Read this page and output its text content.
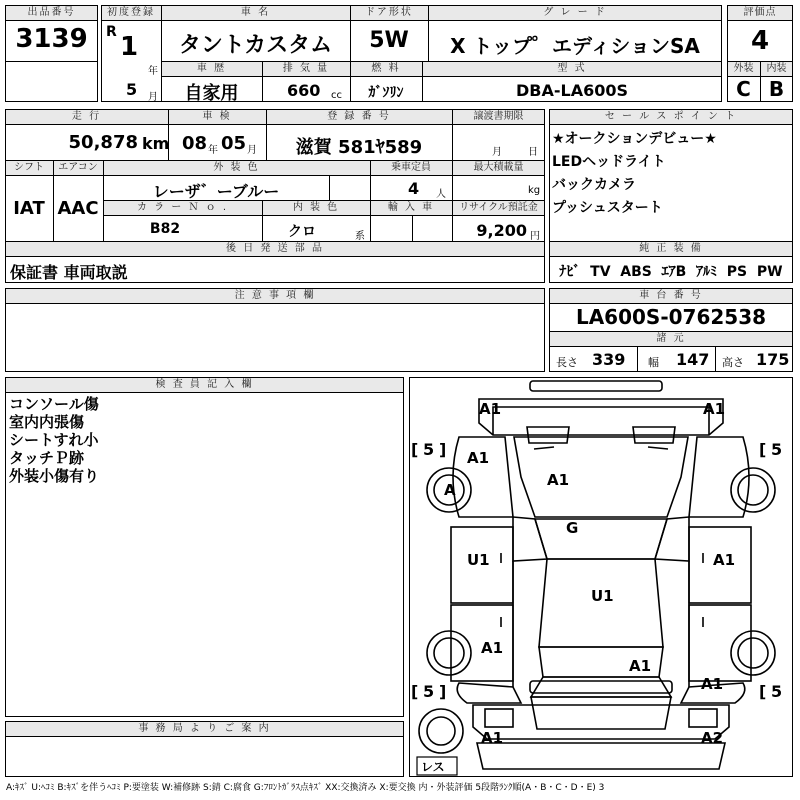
出品番号
3139
初度登録
R 1
年
5 月
車 名
タントカスタム
ドア形状
5W
グ レ ー ド
X トップ゜エディションSA
車 歴
自家用
排 気 量
660 cc
燃 料
ｶﾞｿﾘﾝ
型 式
DBA-LA600S
評価点
4
外装	内装
C B
走 行
50,878 km
車 検
08 年 05 月
登 録 番 号
滋賀 581ﾔ589
譲渡書期限
月	日
シフト
IAT
エアコン
AAC
外 装 色
レーザ゛ーブルー
乗車定員
4 人
最大積載量
kg
カ ラ ー Ｎ ｏ .
B82
内 装 色
クロ	系
輸 入 車	リサイクル預託金
9,200 円
後 日 発 送 部 品
保証書 車両取説
セ ー ル ス ポ イ ン ト
★オークションデビュー★
LEDヘッドライト
バックカメラ
プッシュスタート
純 正 装 備
ﾅﾋﾞ  TV  ABS  ｴｱB  ｱﾙﾐ  PS  PW
車 台 番 号
LA600S-0762538
諸 元
長さ 339 幅 147 高さ 175
注 意 事 項 欄
検 査 員 記 入 欄
コンソール傷
室内内張傷
シートすれ小
タッチＰ跡
外装小傷有り
事 務 局 よ り ご 案 内
A1	A1
A1
A
A1
G
U1	A1
U1
A1
A1
A1
A1	A2
[ 5 ]	[ 5
[ 5 ]	[ 5
レス
A:ｷｽﾞ U:ﾍｺﾐ B:ｷｽﾞを伴うﾍｺﾐ P:要塗装 W:補修跡 S:錆 C:腐食 G:ﾌﾛﾝﾄｶﾞﾗｽ点ｷｽﾞ XX:交換済み X:要交換 内・外装評価 5段階ﾗﾝｸ順(A・B・C・D・E) 3
